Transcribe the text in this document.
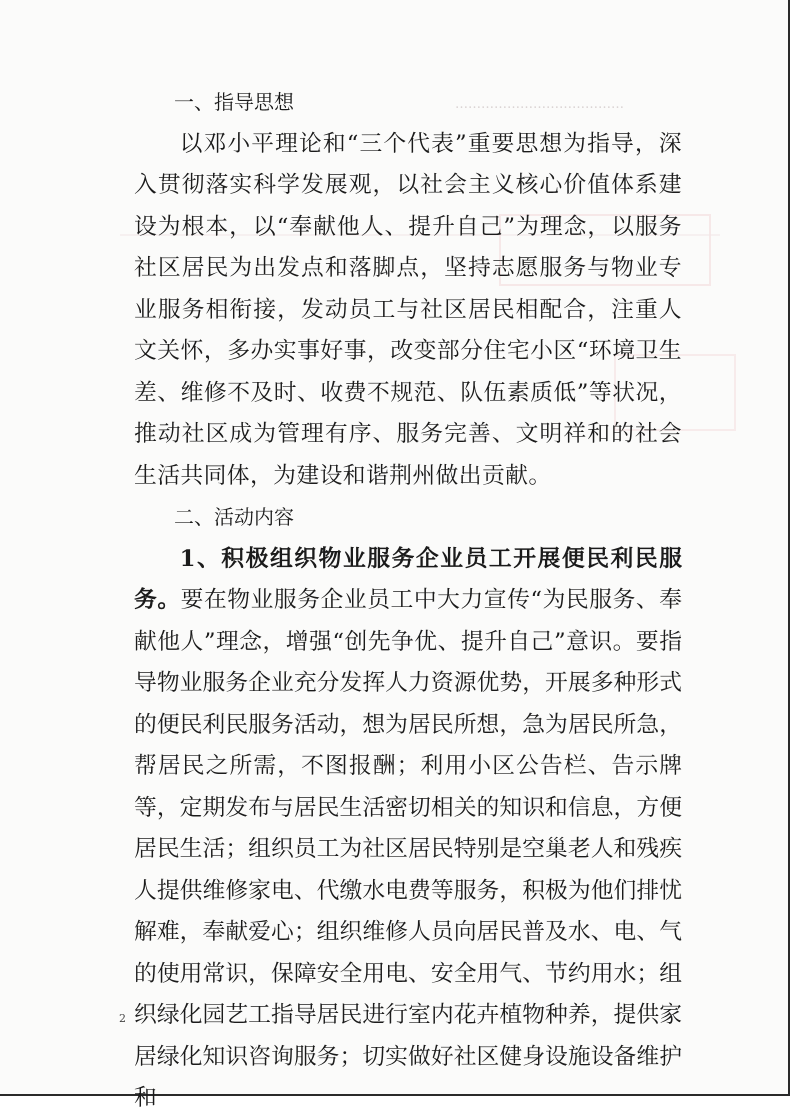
…………………………………

一、指导思想

以邓小平理论和“三个代表”重要思想为指导，深入贯彻落实科学发展观，以社会主义核心价值体系建设为根本，以“奉献他人、提升自己”为理念，以服务社区居民为出发点和落脚点，坚持志愿服务与物业专业服务相衔接，发动员工与社区居民相配合，注重人文关怀，多办实事好事，改变部分住宅小区“环境卫生差、维修不及时、收费不规范、队伍素质低”等状况，推动社区成为管理有序、服务完善、文明祥和的社会生活共同体，为建设和谐荆州做出贡献。

二、活动内容

1、积极组织物业服务企业员工开展便民利民服务。要在物业服务企业员工中大力宣传“为民服务、奉献他人”理念，增强“创先争优、提升自己”意识。要指导物业服务企业充分发挥人力资源优势，开展多种形式的便民利民服务活动，想为居民所想，急为居民所急，帮居民之所需，不图报酬；利用小区公告栏、告示牌等，定期发布与居民生活密切相关的知识和信息，方便居民生活；组织员工为社区居民特别是空巢老人和残疾人提供维修家电、代缴水电费等服务，积极为他们排忧解难，奉献爱心；组织维修人员向居民普及水、电、气的使用常识，保障安全用电、安全用气、节约用水；组织绿化园艺工指导居民进行室内花卉植物种养，提供家居绿化知识咨询服务；切实做好社区健身设施设备维护和

2
